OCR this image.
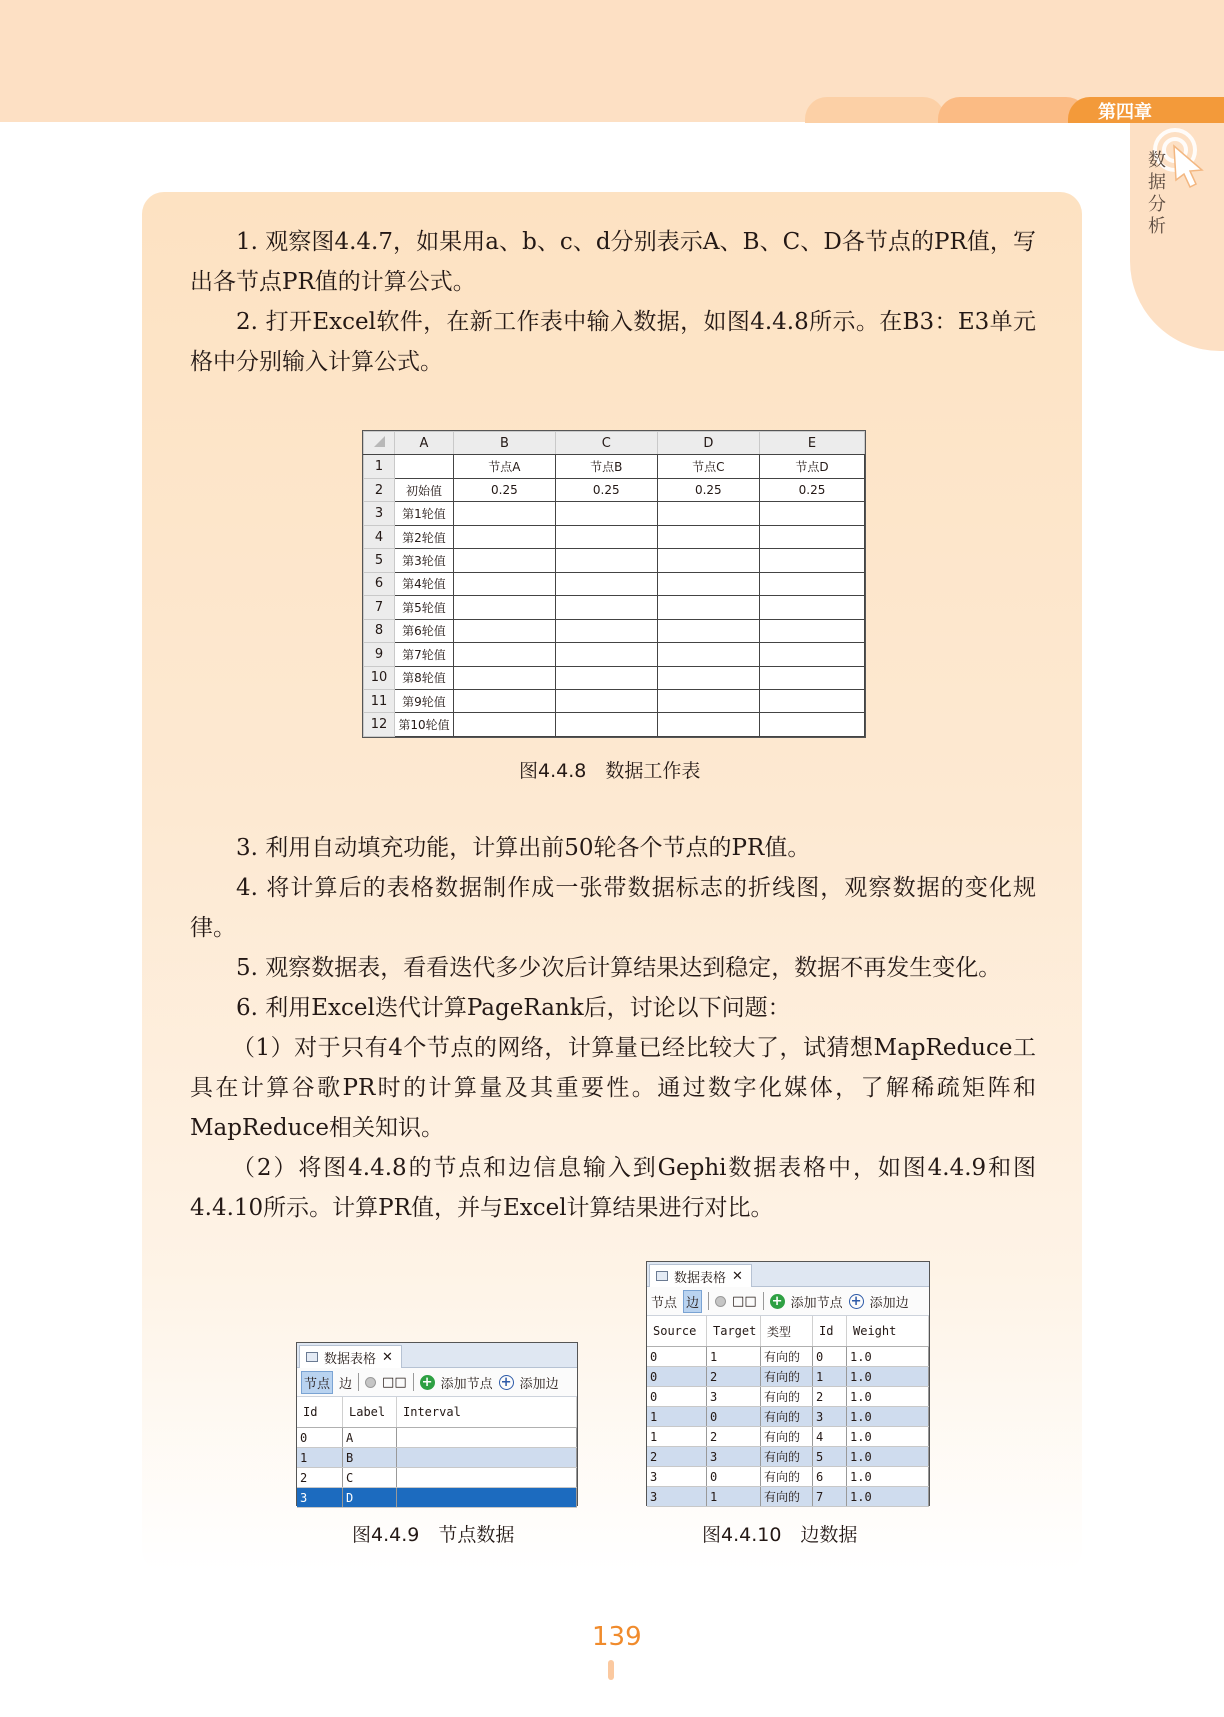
第四章
数据分析

1. 观察图4.4.7，如果用a、b、c、d分别表示A、B、C、D各节点的PR值，写出各节点PR值的计算公式。

2. 打开Excel软件，在新工作表中输入数据，如图4.4.8所示。在B3：E3单元格中分别输入计算公式。

	A	B	C	D	E
1		节点A	节点B	节点C	节点D
2	初始值	0.25	0.25	0.25	0.25
3	第1轮值				
4	第2轮值				
5	第3轮值				
6	第4轮值				
7	第5轮值				
8	第6轮值				
9	第7轮值				
10	第8轮值				
11	第9轮值				
12	第10轮值				
图4.4.8　数据工作表

3. 利用自动填充功能，计算出前50轮各个节点的PR值。

4. 将计算后的表格数据制作成一张带数据标志的折线图，观察数据的变化规律。

5. 观察数据表，看看迭代多少次后计算结果达到稳定，数据不再发生变化。

6. 利用Excel迭代计算PageRank后，讨论以下问题：

（1）对于只有4个节点的网络，计算量已经比较大了，试猜想MapReduce工具在计算谷歌PR时的计算量及其重要性。通过数字化媒体，了解稀疏矩阵和MapReduce相关知识。

（2）将图4.4.8的节点和边信息输入到Gephi数据表格中，如图4.4.9和图4.4.10所示。计算PR值，并与Excel计算结果进行对比。

数据表格 ✕
节点 边 □□ + 添加节点 + 添加边
Id	Label	Interval
0	A	
1	B	
2	C	
3	D	
图4.4.9　节点数据
数据表格 ✕
节点 边	□□ + 添加节点 + 添加边
Source	Target	类型	Id	Weight
0	1	有向的	0	1.0
0	2	有向的	1	1.0
0	3	有向的	2	1.0
1	0	有向的	3	1.0
1	2	有向的	4	1.0
2	3	有向的	5	1.0
3	0	有向的	6	1.0
3	1	有向的	7	1.0
图4.4.10　边数据
139
